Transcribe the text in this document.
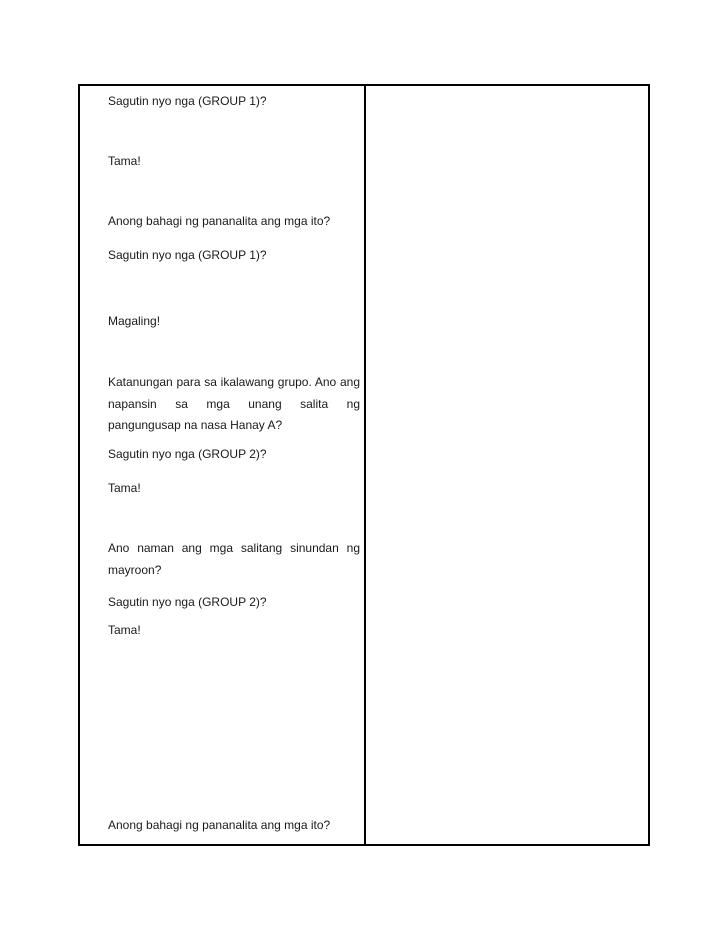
Sagutin nyo nga (GROUP 1)?

Tama!

Anong bahagi ng pananalita ang mga ito?

Sagutin nyo nga (GROUP 1)?

Magaling!

Katanungan para sa ikalawang grupo. Ano ang napansin sa mga unang salita ng pangungusap na nasa Hanay A?

Sagutin nyo nga (GROUP 2)?

Tama!

Ano naman ang mga salitang sinundan ng mayroon?

Sagutin nyo nga (GROUP 2)?

Tama!

Anong bahagi ng pananalita ang mga ito?
